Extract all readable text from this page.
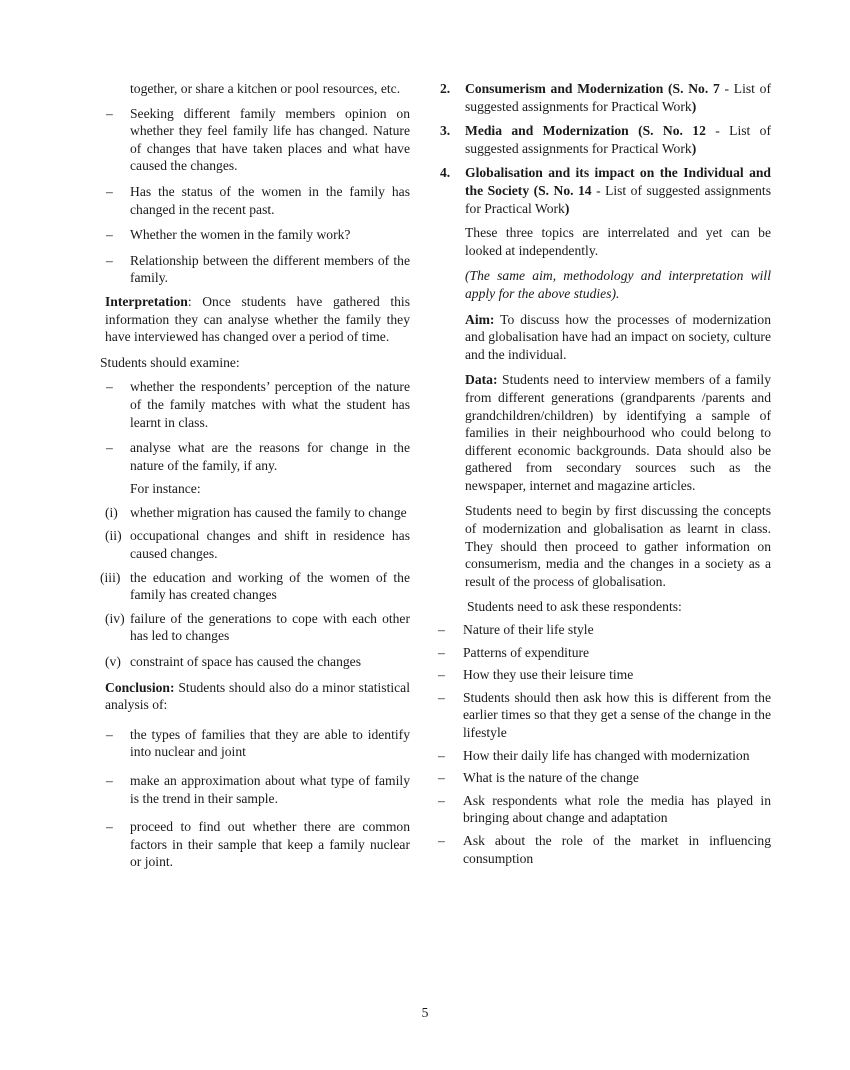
together, or share a kitchen or pool resources, etc.
– Seeking different family members opinion on whether they feel family life has changed. Nature of changes that have taken places and what have caused the changes.
– Has the status of the women in the family has changed in the recent past.
– Whether the women in the family work?
– Relationship between the different members of the family.
Interpretation: Once students have gathered this information they can analyse whether the family they have interviewed has changed over a period of time.
Students should examine:
– whether the respondents’ perception of the nature of the family matches with what the student has learnt in class.
– analyse what are the reasons for change in the nature of the family, if any.
For instance:
(i) whether migration has caused the family to change
(ii) occupational changes and shift in residence has caused changes.
(iii) the education and working of the women of the family has created changes
(iv) failure of the generations to cope with each other has led to changes
(v) constraint of space has caused the changes
Conclusion: Students should also do a minor statistical analysis of:
– the types of families that they are able to identify into nuclear and joint
– make an approximation about what type of family is the trend in their sample.
– proceed to find out whether there are common factors in their sample that keep a family nuclear or joint.
2. Consumerism and Modernization (S. No. 7 - List of suggested assignments for Practical Work)
3. Media and Modernization (S. No. 12 - List of suggested assignments for Practical Work)
4. Globalisation and its impact on the Individual and the Society (S. No. 14 - List of suggested assignments for Practical Work)
These three topics are interrelated and yet can be looked at independently.
(The same aim, methodology and interpretation will apply for the above studies).
Aim: To discuss how the processes of modernization and globalisation have had an impact on society, culture and the individual.
Data: Students need to interview members of a family from different generations (grandparents /parents and grandchildren/children) by identifying a sample of families in their neighbourhood who could belong to different economic backgrounds. Data should also be gathered from secondary sources such as the newspaper, internet and magazine articles.
Students need to begin by first discussing the concepts of modernization and globalisation as learnt in class. They should then proceed to gather information on consumerism, media and the changes in a society as a result of the process of globalisation.
Students need to ask these respondents:
– Nature of their life style
– Patterns of expenditure
– How they use their leisure time
– Students should then ask how this is different from the earlier times so that they get a sense of the change in the lifestyle
– How their daily life has changed with modernization
– What is the nature of the change
– Ask respondents what role the media has played in bringing about change and adaptation
– Ask about the role of the market in influencing consumption
5
